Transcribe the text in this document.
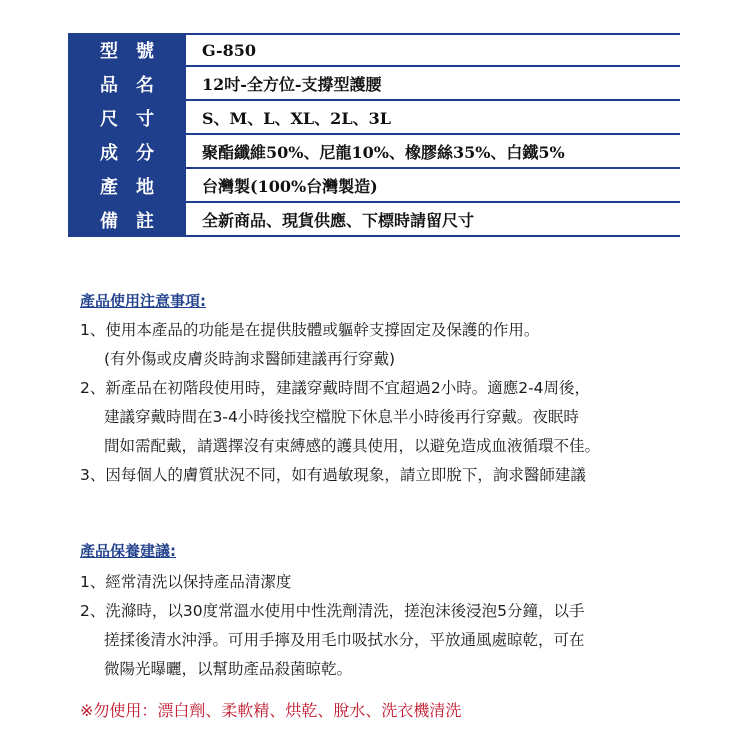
型號	G-850
品名	12吋-全方位-支撐型護腰
尺寸	S、M、L、XL、2L、3L
成分	聚酯纖維50%、尼龍10%、橡膠絲35%、白鐵5%
產地	台灣製(100%台灣製造)
備註	全新商品、現貨供應、下標時請留尺寸
產品使用注意事項:
1、使用本產品的功能是在提供肢體或軀幹支撐固定及保護的作用。
(有外傷或皮膚炎時詢求醫師建議再行穿戴)
2、新產品在初階段使用時，建議穿戴時間不宜超過2小時。適應2-4周後，
建議穿戴時間在3-4小時後找空檔脫下休息半小時後再行穿戴。夜眠時
間如需配戴，請選擇沒有束縛感的護具使用，以避免造成血液循環不佳。
3、因每個人的膚質狀況不同，如有過敏現象，請立即脫下，詢求醫師建議
產品保養建議:
1、經常清洗以保持產品清潔度
2、洗滌時，以30度常溫水使用中性洗劑清洗，搓泡沫後浸泡5分鐘，以手
搓揉後清水沖淨。可用手擰及用毛巾吸拭水分，平放通風處晾乾，可在
微陽光曝曬，以幫助產品殺菌晾乾。
※勿使用：漂白劑、柔軟精、烘乾、脫水、洗衣機清洗
